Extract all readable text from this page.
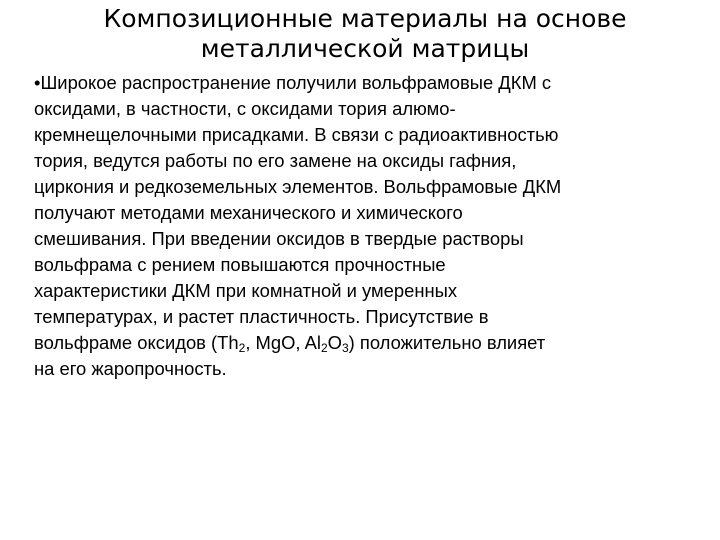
Композиционные материалы на основе
металлической матрицы
•Широкое распространение получили вольфрамовые ДКМ с
оксидами, в частности, с оксидами тория алюмо-
кремнещелочными присадками. В связи с радиоактивностью
тория, ведутся работы по его замене на оксиды гафния,
циркония и редкоземельных элементов. Вольфрамовые ДКМ
получают методами механического и химического
смешивания. При введении оксидов в твердые растворы
вольфрама с рением повышаются прочностные
характеристики ДКМ при комнатной и умеренных
температурах, и растет пластичность. Присутствие в
вольфраме оксидов ($Th_2$, MgO, $Al_2O_3$) положительно влияет
на его жаропрочность.
